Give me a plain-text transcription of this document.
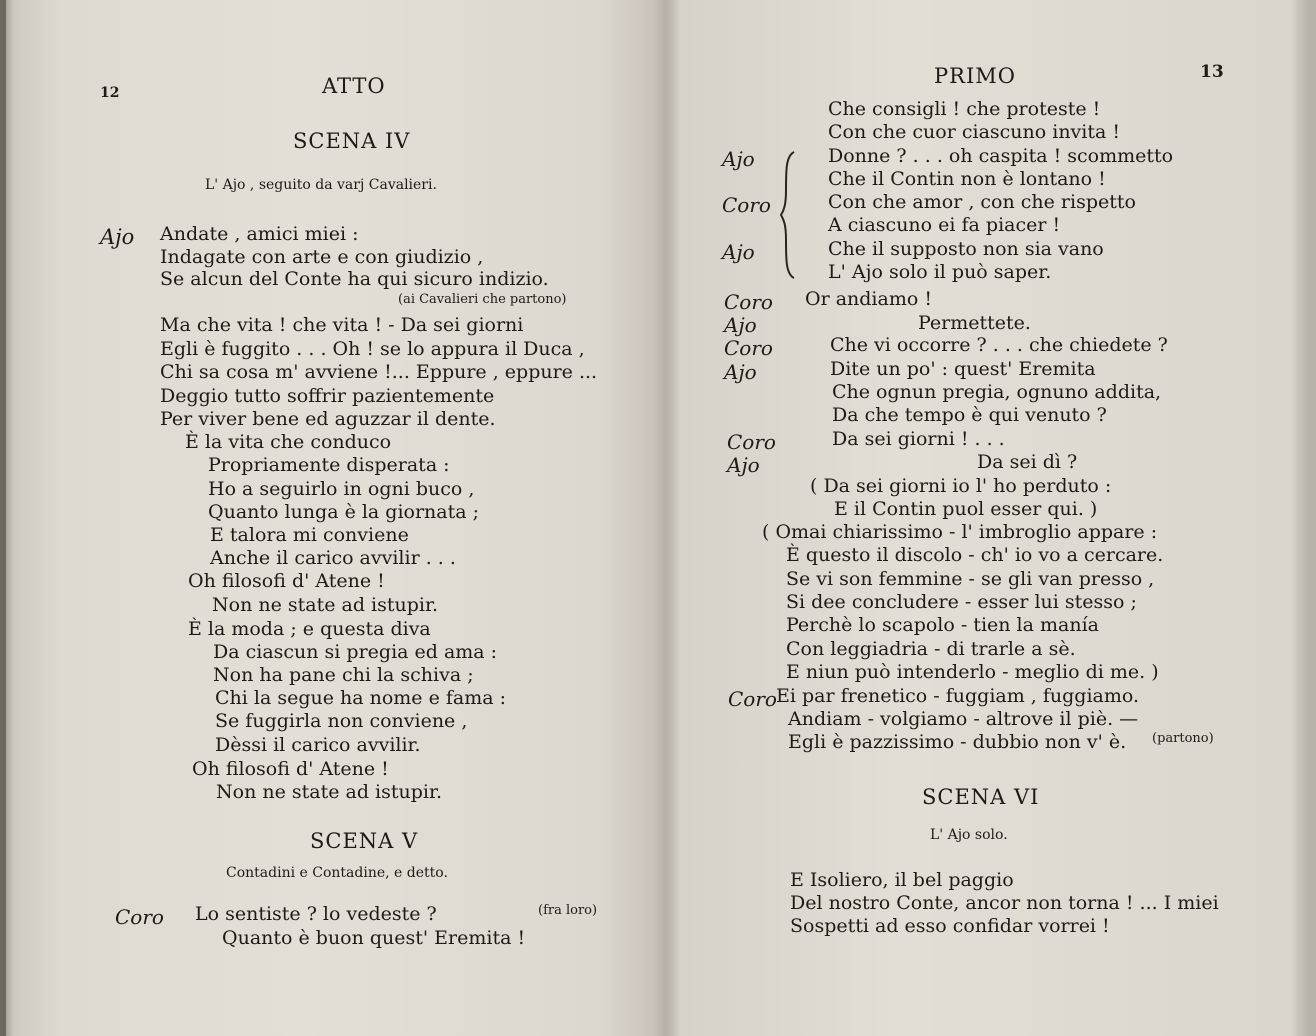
12	ATTO
SCENA IV
L' Ajo , seguito da varj Cavalieri.
Ajo Andate , amici miei :
Indagate con arte e con giudizio ,
Se alcun del Conte ha qui sicuro indizio.
(ai Cavalieri che partono)
Ma che vita ! che vita ! - Da sei giorni
Egli è fuggito . . . Oh ! se lo appura il Duca ,
Chi sa cosa m' avviene !... Eppure , eppure ...
Deggio tutto soffrir pazientemente
Per viver bene ed aguzzar il dente.
È la vita che conduco
Propriamente disperata :
Ho a seguirlo in ogni buco ,
Quanto lunga è la giornata ;
E talora mi conviene
Anche il carico avvilir . . .
Oh filosofi d' Atene !
Non ne state ad istupir.
È la moda ; e questa diva
Da ciascun si pregia ed ama :
Non ha pane chi la schiva ;
Chi la segue ha nome e fama :
Se fuggirla non conviene ,
Dèssi il carico avvilir.
Oh filosofi d' Atene !
Non ne state ad istupir.
SCENA V
Contadini e Contadine, e detto.
Coro Lo sentiste ? lo vedeste ?	(fra loro)
Quanto è buon quest' Eremita !
PRIMO	13
Ajo
Coro
Ajo
Che consigli ! che proteste !
Con che cuor ciascuno invita !
Donne ? . . . oh caspita ! scommetto
Che il Contin non è lontano !
Con che amor , con che rispetto
A ciascuno ei fa piacer !
Che il supposto non sia vano
L' Ajo solo il può saper.
Coro Or andiamo !
Ajo	Permettete.
Coro	Che vi occorre ? . . . che chiedete ?
Ajo	Dite un po' : quest' Eremita
Che ognun pregia, ognuno addita,
Da che tempo è qui venuto ?
Coro	Da sei giorni ! . . .
Ajo	Da sei dì ?
( Da sei giorni io l' ho perduto :
E il Contin puol esser qui. )
( Omai chiarissimo - l' imbroglio appare :
È questo il discolo - ch' io vo a cercare.
Se vi son femmine - se gli van presso ,
Si dee concludere - esser lui stesso ;
Perchè lo scapolo - tien la manía
Con leggiadria - di trarle a sè.
E niun può intenderlo - meglio di me. )
Coro Ei par frenetico - fuggiam , fuggiamo.
Andiam - volgiamo - altrove il piè. —
Egli è pazzissimo - dubbio non v' è. (partono)
SCENA VI
L' Ajo solo.
E Isoliero, il bel paggio
Del nostro Conte, ancor non torna ! ... I miei
Sospetti ad esso confidar vorrei !
